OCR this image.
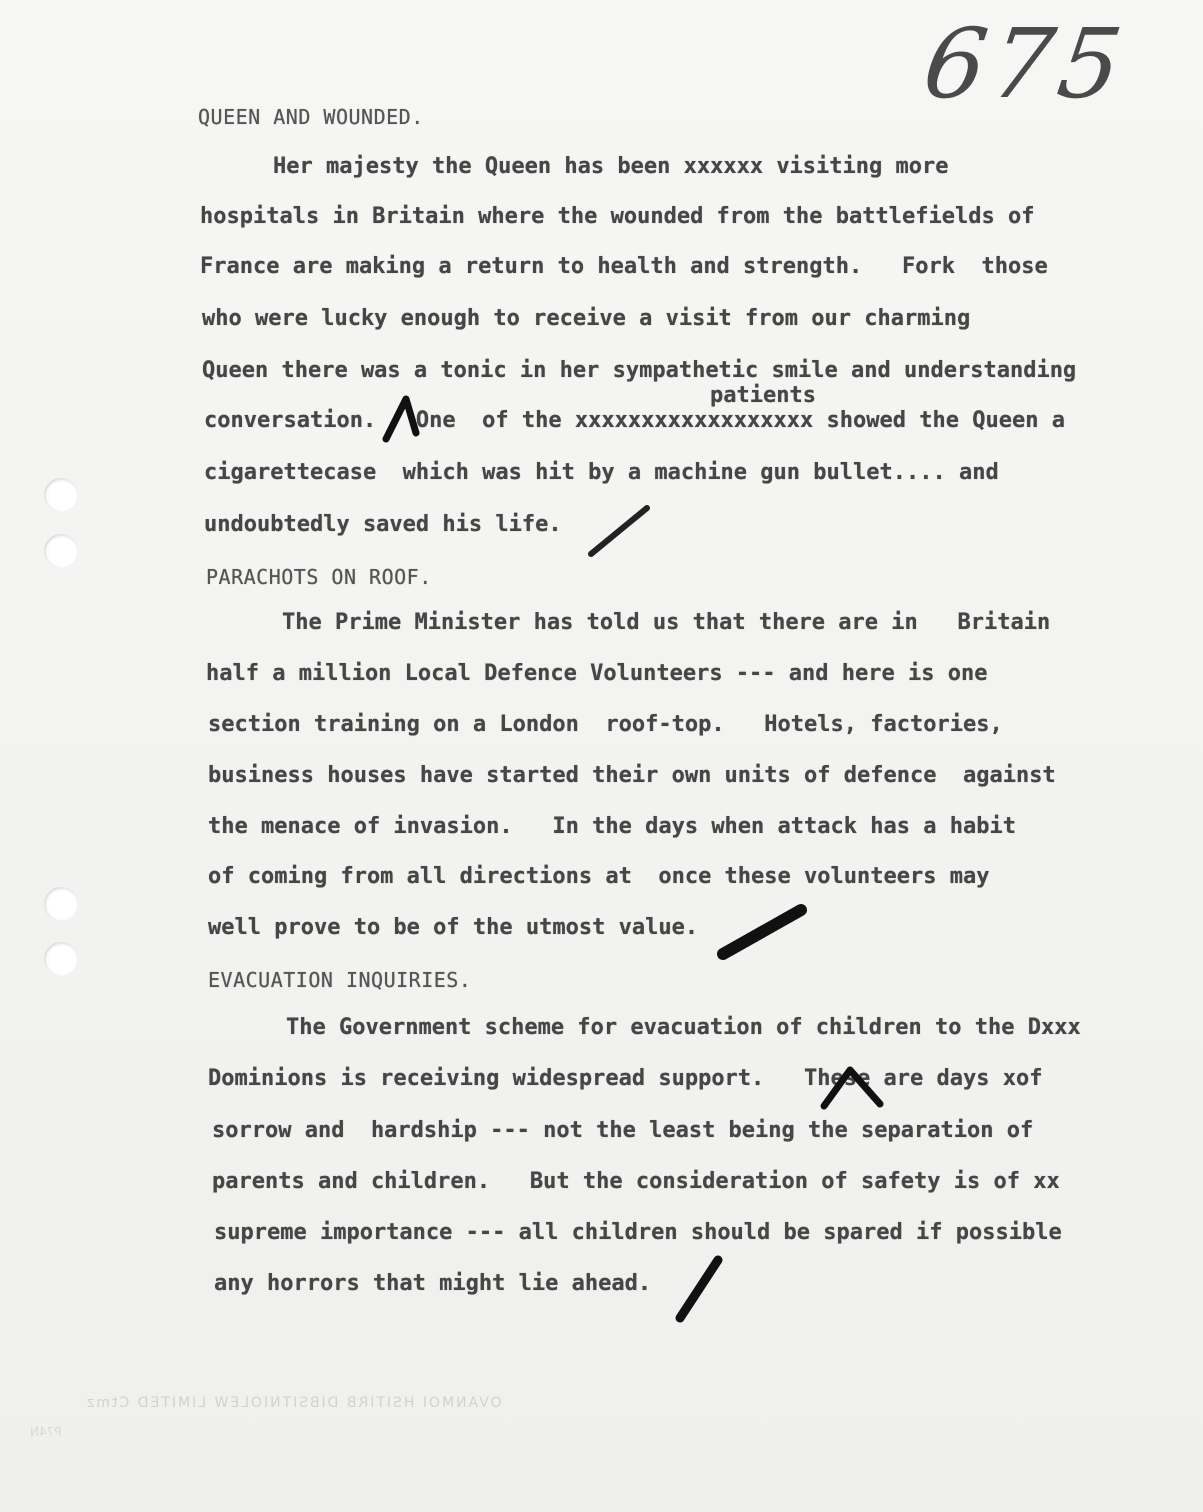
675
QUEEN AND WOUNDED.
Her majesty the Queen has been xxxxxx visiting more
hospitals in Britain where the wounded from the battlefields of
France are making a return to health and strength.   Fork  those
who were lucky enough to receive a visit from our charming
Queen there was a tonic in her sympathetic smile and understanding
patients
conversation.   One  of the xxxxxxxxxxxxxxxxxx showed the Queen a
cigarettecase  which was hit by a machine gun bullet.... and
undoubtedly saved his life.
PARACHOTS ON ROOF.
The Prime Minister has told us that there are in   Britain
half a million Local Defence Volunteers --- and here is one
section training on a London  roof-top.   Hotels, factories,
business houses have started their own units of defence  against
the menace of invasion.   In the days when attack has a habit
of coming from all directions at  once these volunteers may
well prove to be of the utmost value.
EVACUATION INQUIRIES.
The Government scheme for evacuation of children to the Dxxx
Dominions is receiving widespread support.   These are days xof
sorrow and  hardship --- not the least being the separation of
parents and children.   But the consideration of safety is of xx
supreme importance --- all children should be spared if possible
any horrors that might lie ahead.
OVANMOI HSITIRB DIBSITNIOLEW LIMITED Ctmz
P74N
